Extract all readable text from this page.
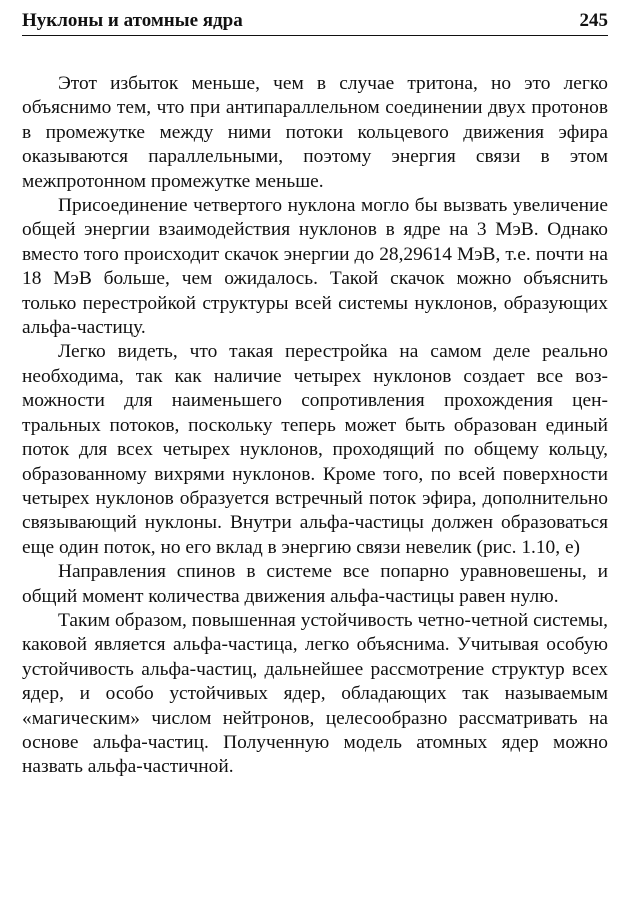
Нуклоны и атомные ядра	245

Этот избыток меньше, чем в случае тритона, но это легко объяснимо тем, что при антипараллельном соединении двух протонов в промежутке между ними потоки кольцевого движения эфира оказываются параллельными, поэтому энергия связи в этом межпротонном промежутке меньше.

Присоединение четвертого нуклона могло бы вызвать увеличение общей энергии взаимодействия нуклонов в ядре на 3 МэВ. Однако вместо того происходит скачок энергии до 28,29614 МэВ, т.е. почти на 18 МэВ больше, чем ожидалось. Такой скачок можно объяснить только перестройкой структуры всей системы нуклонов, образующих альфа-частицу.

Легко видеть, что такая перестройка на самом деле реально необходима, так как наличие четырех нуклонов создает все возможности для наименьшего сопротивления прохождения центральных потоков, поскольку теперь может быть образован единый поток для всех четырех нуклонов, проходящий по общему кольцу, образованному вихрями нуклонов. Кроме того, по всей поверхности четырех нуклонов образуется встречный поток эфира, дополнительно связывающий нуклоны. Внутри альфа-частицы должен образоваться еще один поток, но его вклад в энергию связи невелик (рис. 1.10, е)

Направления спинов в системе все попарно уравновешены, и общий момент количества движения альфа-частицы равен нулю.

Таким образом, повышенная устойчивость четно-четной системы, каковой является альфа-частица, легко объяснима. Учитывая особую устойчивость альфа-частиц, дальнейшее рассмотрение структур всех ядер, и особо устойчивых ядер, обладающих так называемым «магическим» числом нейтронов, целесообразно рассматривать на основе альфа-частиц. Полученную модель атомных ядер можно назвать альфа-частичной.
